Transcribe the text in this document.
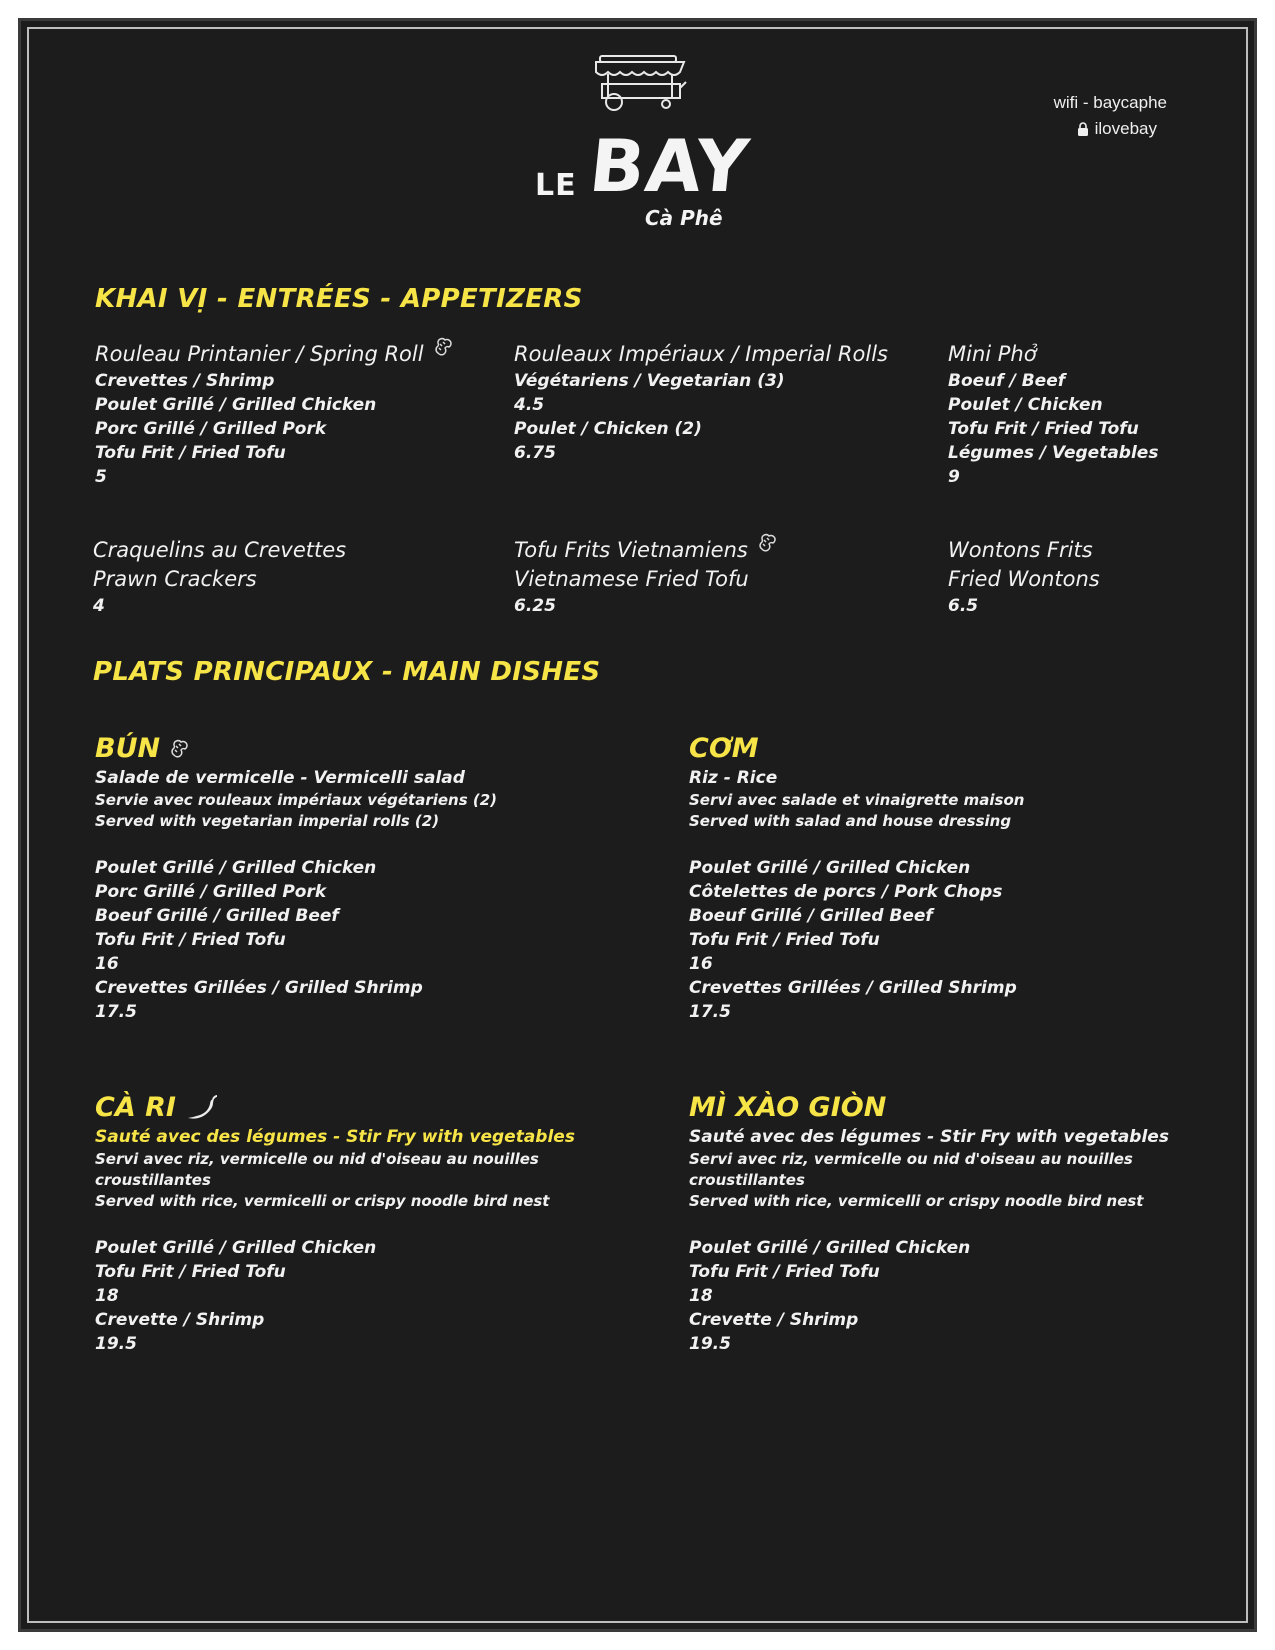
LE BAY
Cà Phê
wifi - baycaphe
ilovebay
KHAI VỊ - ENTRÉES - APPETIZERS
Rouleau Printanier / Spring Roll
Crevettes / Shrimp
Poulet Grillé / Grilled Chicken
Porc Grillé / Grilled Pork
Tofu Frit / Fried Tofu
5
Rouleaux Impériaux / Imperial Rolls
Végétariens / Vegetarian (3)
4.5
Poulet / Chicken (2)
6.75
Mini Phở
Boeuf / Beef
Poulet / Chicken
Tofu Frit / Fried Tofu
Légumes / Vegetables
9
Craquelins au Crevettes
Prawn Crackers
4
Tofu Frits Vietnamiens
Vietnamese Fried Tofu
6.25
Wontons Frits
Fried Wontons
6.5
PLATS PRINCIPAUX - MAIN DISHES
BÚN
Salade de vermicelle - Vermicelli salad
Servie avec rouleaux impériaux végétariens (2)
Served with vegetarian imperial rolls (2)
Poulet Grillé / Grilled Chicken
Porc Grillé / Grilled Pork
Boeuf Grillé / Grilled Beef
Tofu Frit / Fried Tofu
16
Crevettes Grillées / Grilled Shrimp
17.5
CƠM
Riz - Rice
Servi avec salade et vinaigrette maison
Served with salad and house dressing
Poulet Grillé / Grilled Chicken
Côtelettes de porcs / Pork Chops
Boeuf Grillé / Grilled Beef
Tofu Frit / Fried Tofu
16
Crevettes Grillées / Grilled Shrimp
17.5
CÀ RI
Sauté avec des légumes - Stir Fry with vegetables
Servi avec riz, vermicelle ou nid d'oiseau au nouilles croustillantes
Served with rice, vermicelli or crispy noodle bird nest
Poulet Grillé / Grilled Chicken
Tofu Frit / Fried Tofu
18
Crevette / Shrimp
19.5
MÌ XÀO GIÒN
Sauté avec des légumes - Stir Fry with vegetables
Servi avec riz, vermicelle ou nid d'oiseau au nouilles croustillantes
Served with rice, vermicelli or crispy noodle bird nest
Poulet Grillé / Grilled Chicken
Tofu Frit / Fried Tofu
18
Crevette / Shrimp
19.5
